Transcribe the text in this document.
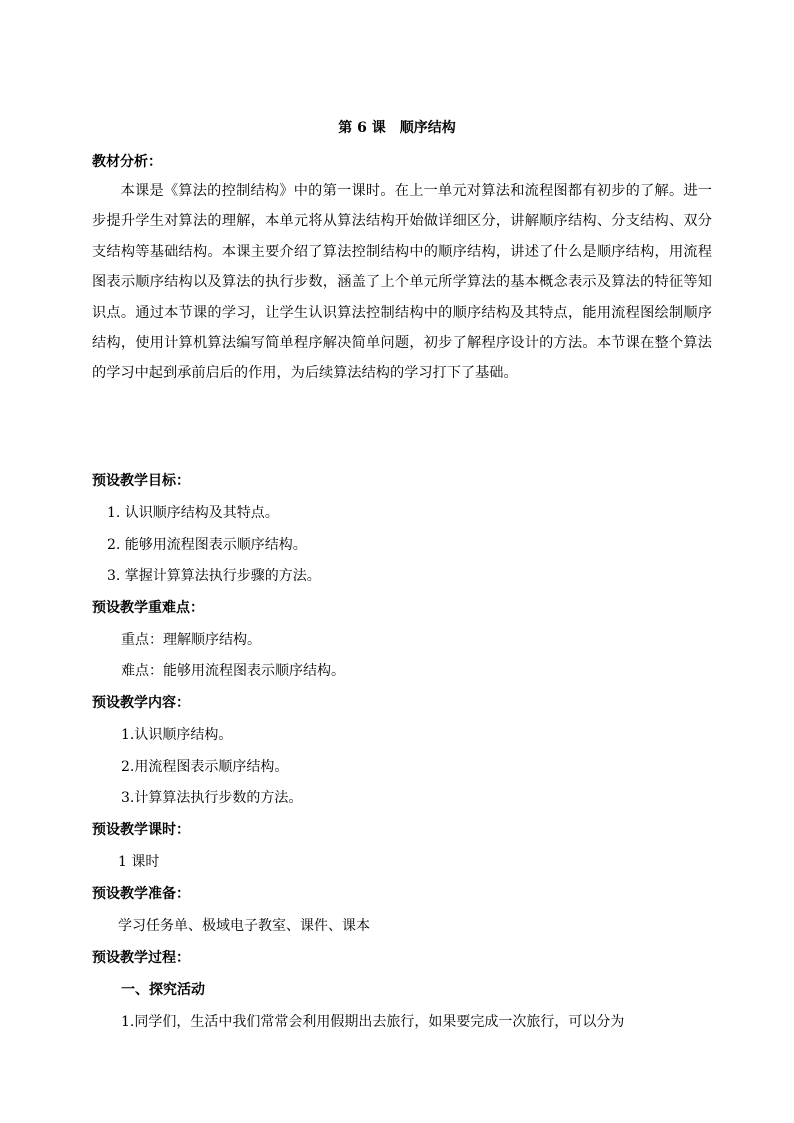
第 6 课　顺序结构
教材分析：

本课是《算法的控制结构》中的第一课时。在上一单元对算法和流程图都有初步的了解。进一步提升学生对算法的理解，本单元将从算法结构开始做详细区分，讲解顺序结构、分支结构、双分支结构等基础结构。本课主要介绍了算法控制结构中的顺序结构，讲述了什么是顺序结构，用流程图表示顺序结构以及算法的执行步数，涵盖了上个单元所学算法的基本概念表示及算法的特征等知识点。通过本节课的学习，让学生认识算法控制结构中的顺序结构及其特点，能用流程图绘制顺序结构，使用计算机算法编写简单程序解决简单问题，初步了解程序设计的方法。本节课在整个算法的学习中起到承前启后的作用，为后续算法结构的学习打下了基础。

预设教学目标：
1. 认识顺序结构及其特点。
2. 能够用流程图表示顺序结构。
3. 掌握计算算法执行步骤的方法。
预设教学重难点：
重点：理解顺序结构。
难点：能够用流程图表示顺序结构。
预设教学内容：
1.认识顺序结构。
2.用流程图表示顺序结构。
3.计算算法执行步数的方法。
预设教学课时：
1 课时
预设教学准备：
学习任务单、极域电子教室、课件、课本
预设教学过程：
一、探究活动
1.同学们，生活中我们常常会利用假期出去旅行，如果要完成一次旅行，可以分为
